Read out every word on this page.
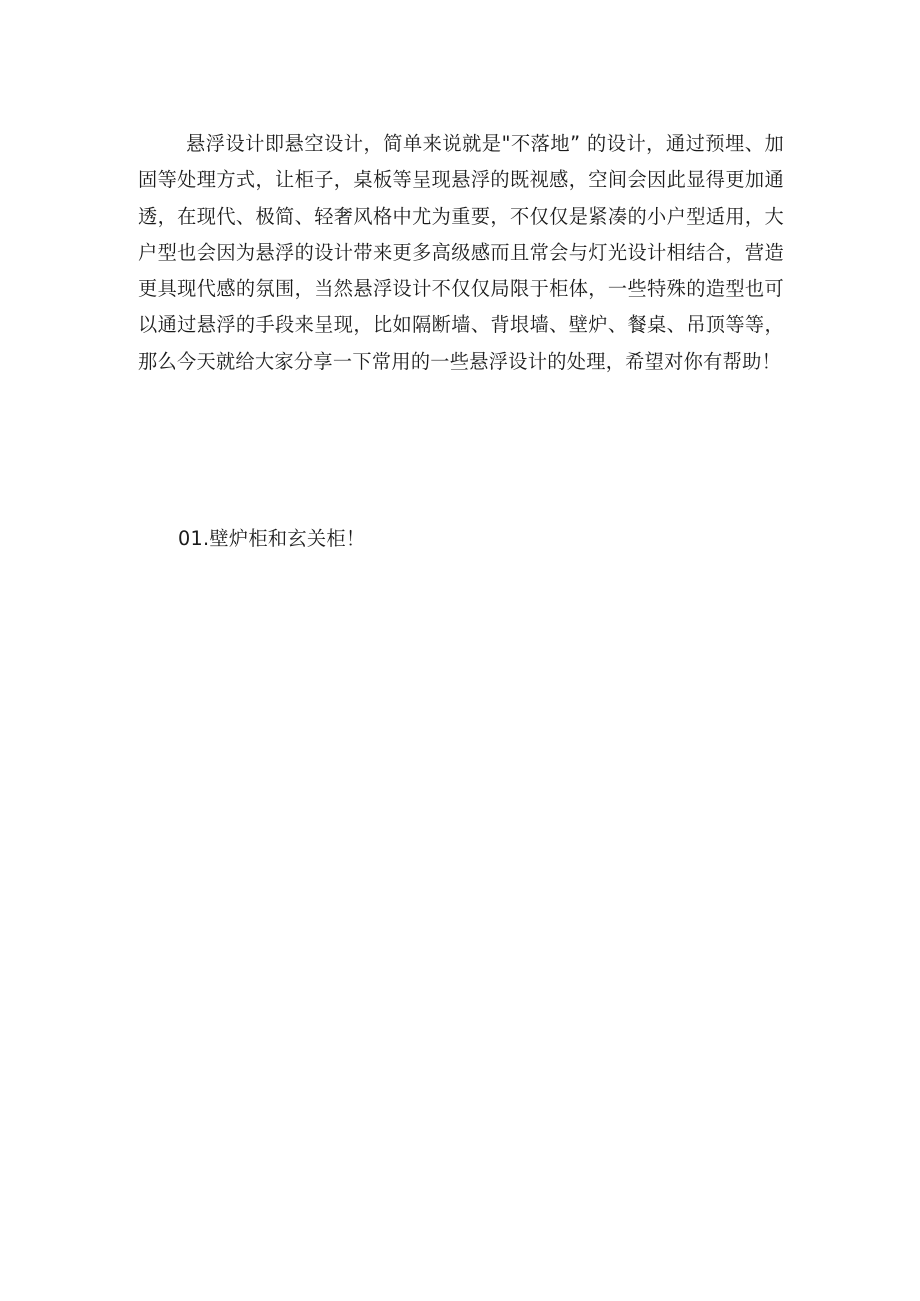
悬浮设计即悬空设计，简单来说就是"不落地” 的设计，通过预埋、加固等处理方式，让柜子，桌板等呈现悬浮的既视感，空间会因此显得更加通透，在现代、极简、轻奢风格中尤为重要，不仅仅是紧凑的小户型适用，大户型也会因为悬浮的设计带来更多高级感而且常会与灯光设计相结合，营造更具现代感的氛围，当然悬浮设计不仅仅局限于柜体，一些特殊的造型也可以通过悬浮的手段来呈现，比如隔断墙、背垠墙、壁炉、餐桌、吊顶等等，那么今天就给大家分享一下常用的一些悬浮设计的处理，希望对你有帮助！

01.壁炉柜和玄关柜！
